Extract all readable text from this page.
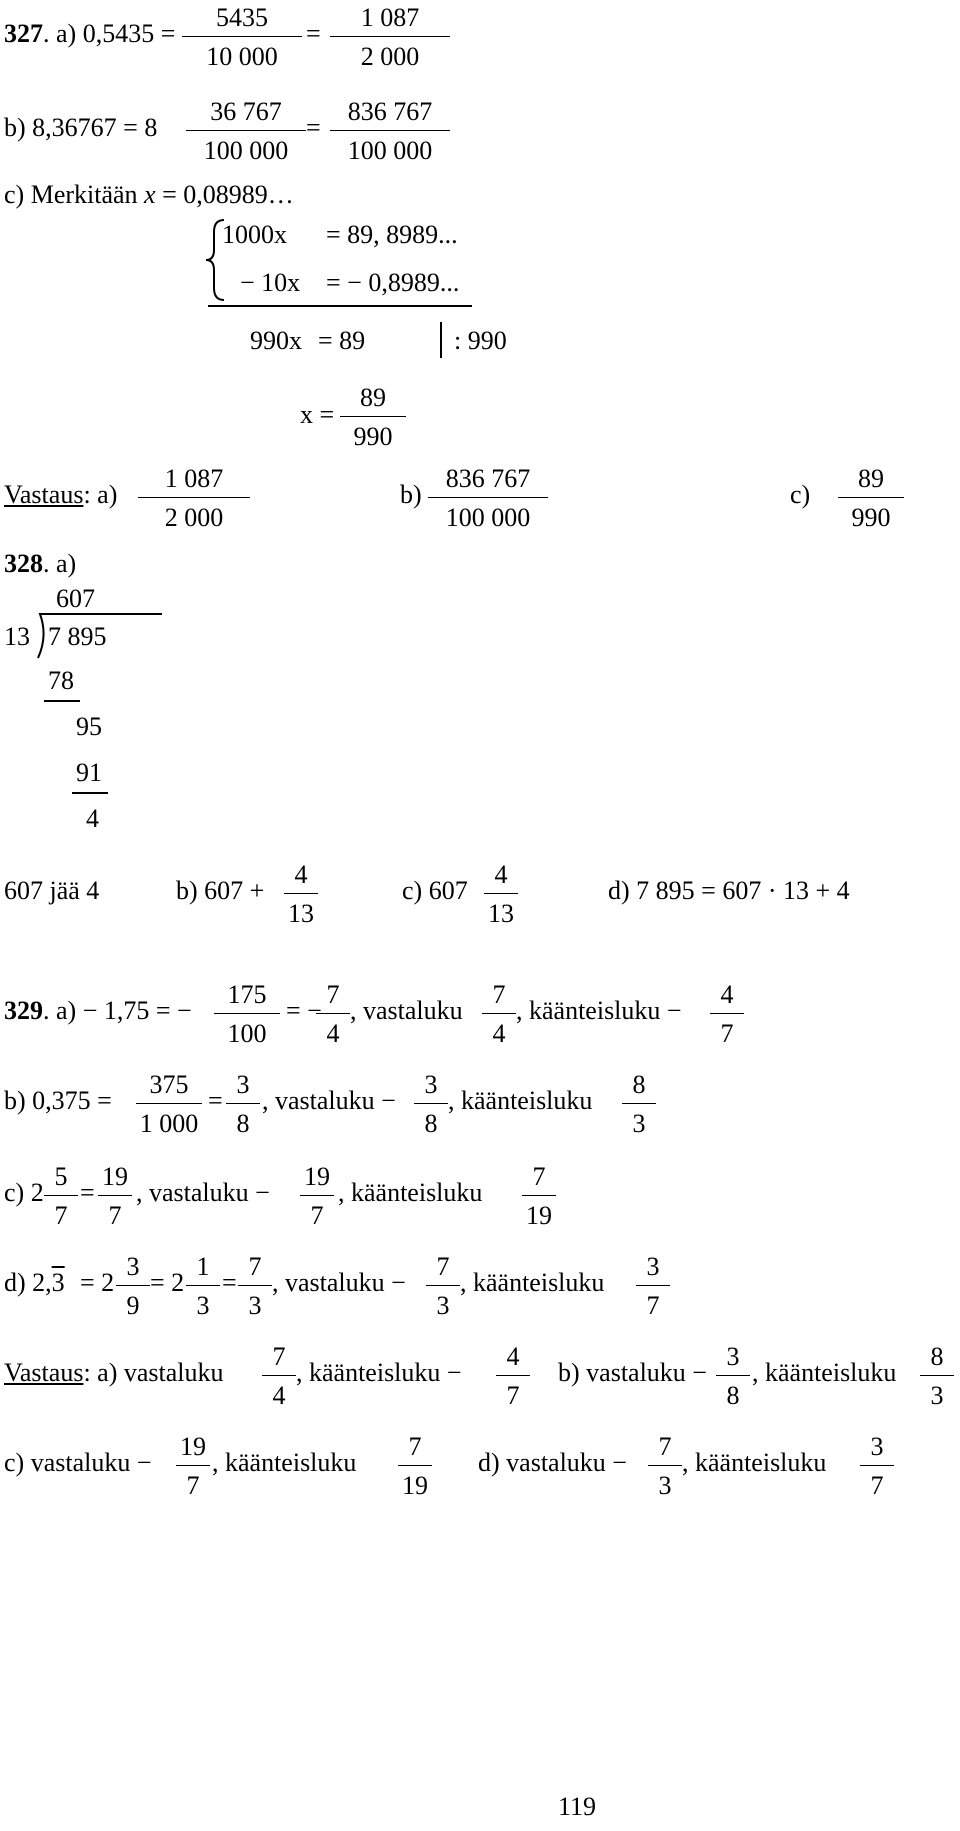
327. a) $0,5435 = \frac{5435}{10 000} = \frac{1 087}{2 000}$
b) $8,36767 = 8 \frac{36 767}{100 000} = \frac{836 767}{100 000}$
c) Merkitään x = 0,08989…
1000x = 89, 8989...
− 10x = − 0,8989...
990x = 89	: 990
$x = \frac{89}{990}$
Vastaus: $a) \frac{1 087}{2 000}$	$b) \frac{836 767}{100 000}$	$c) \frac{89}{990}$
328. a)
607
13 7 895
78
95
91
4
607 jää 4	b) $607 + \frac{4}{13}$	c) $607 \frac{4}{13}$	d) 7 895 = 607 · 13 + 4
329. a) − 1,75 = − $\frac{175}{100}$ = −
$\frac{7}{4}$ , vastaluku $\frac{7}{4}$ , käänteisluku − $\frac{4}{7}$
b) $0,375 = \frac{375}{1 000} = \frac{3}{8}$ , vastaluku − $\frac{3}{8}$ , käänteisluku $\frac{8}{3}$
c) $2 \frac{5}{7} = \frac{19}{7}$ , vastaluku − $\frac{19}{7}$ , käänteisluku $\frac{7}{19}$
d) $2,3 = 2 \frac{3}{9} = 2 \frac{1}{3} = \frac{7}{3}$ , vastaluku − $\frac{7}{3}$ , käänteisluku $\frac{3}{7}$
Vastaus: a) vastaluku $\frac{7}{4}$ , käänteisluku − $\frac{4}{7} b$) vastaluku − $\frac{3}{8}$ , käänteisluku $\frac{8}{3}$
c) vastaluku − $\frac{19}{7}$ , käänteisluku $\frac{7}{19} d$) vastaluku − $\frac{7}{3}$ , käänteisluku $\frac{3}{7}$
119
